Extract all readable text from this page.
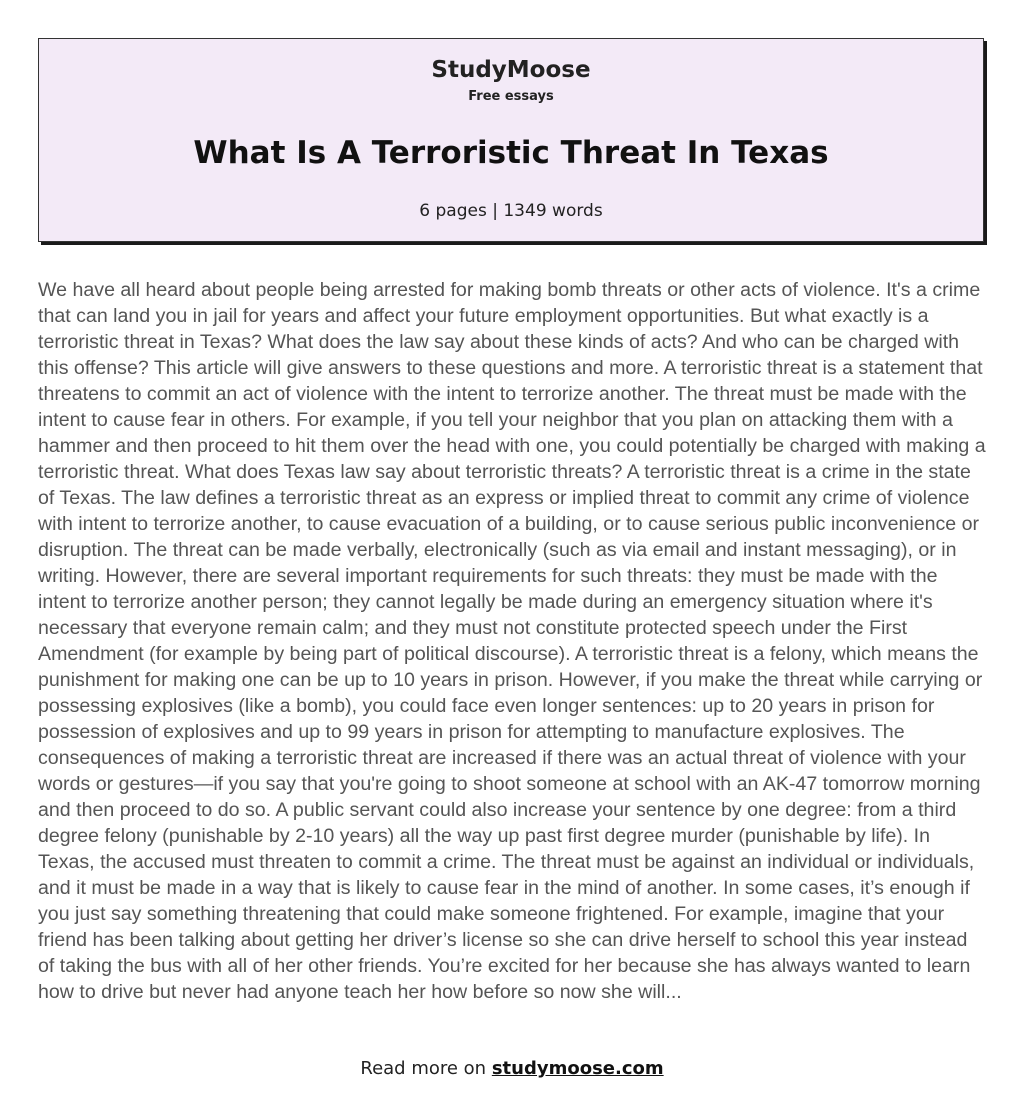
StudyMoose
Free essays
What Is A Terroristic Threat In Texas
6 pages | 1349 words

We have all heard about people being arrested for making bomb threats or other acts of violence. It's a crime that can land you in jail for years and affect your future employment opportunities. But what exactly is a terroristic threat in Texas? What does the law say about these kinds of acts? And who can be charged with this offense? This article will give answers to these questions and more. A terroristic threat is a statement that threatens to commit an act of violence with the intent to terrorize another. The threat must be made with the intent to cause fear in others. For example, if you tell your neighbor that you plan on attacking them with a hammer and then proceed to hit them over the head with one, you could potentially be charged with making a terroristic threat. What does Texas law say about terroristic threats? A terroristic threat is a crime in the state of Texas. The law defines a terroristic threat as an express or implied threat to commit any crime of violence with intent to terrorize another, to cause evacuation of a building, or to cause serious public inconvenience or disruption. The threat can be made verbally, electronically (such as via email and instant messaging), or in writing. However, there are several important requirements for such threats: they must be made with the intent to terrorize another person; they cannot legally be made during an emergency situation where it's necessary that everyone remain calm; and they must not constitute protected speech under the First Amendment (for example by being part of political discourse). A terroristic threat is a felony, which means the punishment for making one can be up to 10 years in prison. However, if you make the threat while carrying or possessing explosives (like a bomb), you could face even longer sentences: up to 20 years in prison for possession of explosives and up to 99 years in prison for attempting to manufacture explosives. The consequences of making a terroristic threat are increased if there was an actual threat of violence with your words or gestures—if you say that you're going to shoot someone at school with an AK-47 tomorrow morning and then proceed to do so. A public servant could also increase your sentence by one degree: from a third degree felony (punishable by 2-10 years) all the way up past first degree murder (punishable by life). In Texas, the accused must threaten to commit a crime. The threat must be against an individual or individuals, and it must be made in a way that is likely to cause fear in the mind of another. In some cases, it’s enough if you just say something threatening that could make someone frightened. For example, imagine that your friend has been talking about getting her driver’s license so she can drive herself to school this year instead of taking the bus with all of her other friends. You’re excited for her because she has always wanted to learn how to drive but never had anyone teach her how before so now she will...

Read more on studymoose.com
